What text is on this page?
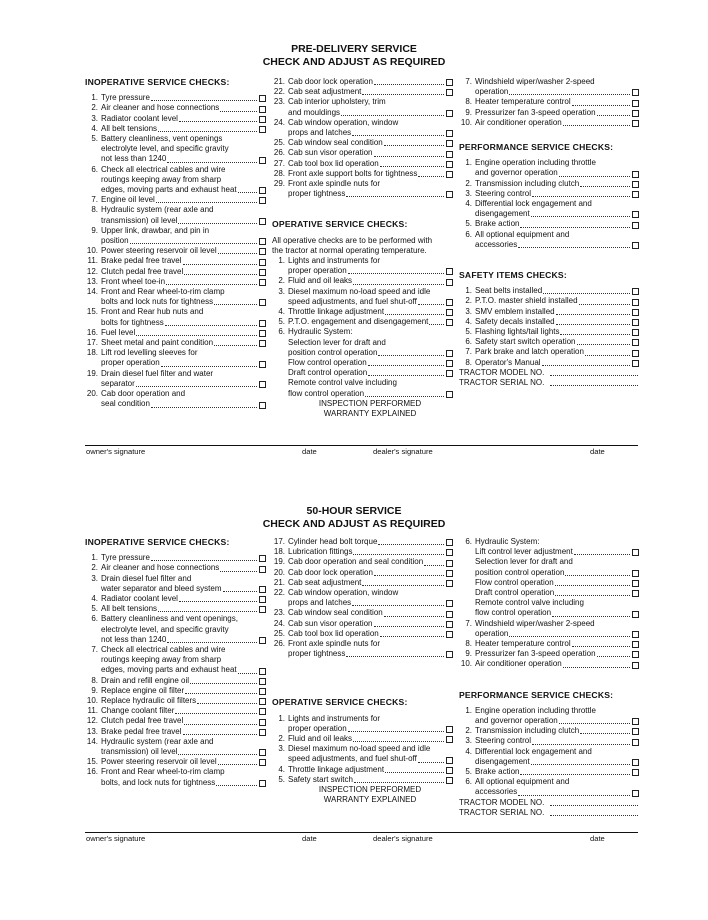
PRE-DELIVERY SERVICE
CHECK AND ADJUST AS REQUIRED
INOPERATIVE SERVICE CHECKS:
1. Tyre pressure
2. Air cleaner and hose connections
3. Radiator coolant level
4. All belt tensions
5. Battery cleanliness, vent openings
electrolyte level, and specific gravity
not less than 1240
6. Check all electrical cables and wire
routings keeping away from sharp
edges, moving parts and exhaust heat
7. Engine oil level
8. Hydraulic system (rear axle and
transmission) oil level
9. Upper link, drawbar, and pin in
position
10. Power steering reservoir oil level
11. Brake pedal free travel
12. Clutch pedal free travel
13. Front wheel toe-in
14. Front and Rear wheel-to-rim clamp
bolts and lock nuts for tightness
15. Front and Rear hub nuts and
bolts for tightness
16. Fuel level
17. Sheet metal and paint condition
18. Lift rod levelling sleeves for
proper operation
19. Drain diesel fuel filter and water
separator
20. Cab door operation and
seal condition
21. Cab door lock operation
22. Cab seat adjustment
23. Cab interior upholstery, trim
and mouldings
24. Cab window operation, window
props and latches
25. Cab window seal condition
26. Cab sun visor operation
27. Cab tool box lid operation
28. Front axle support bolts for tightness
29. Front axle spindle nuts for
proper tightness
OPERATIVE SERVICE CHECKS:
All operative checks are to be performed with
the tractor at normal operating temperature.
1. Lights and instruments for
proper operation
2. Fluid and oil leaks
3. Diesel maximum no-load speed and idle
speed adjustments, and fuel shut-off
4. Throttle linkage adjustment
5. P.T.O. engagement and disengagement
6. Hydraulic System:
Selection lever for draft and
position control operation
Flow control operation
Draft control operation
Remote control valve including
flow control operation
INSPECTION PERFORMED
WARRANTY EXPLAINED
7. Windshield wiper/washer 2-speed
operation
8. Heater temperature control
9. Pressurizer fan 3-speed operation
10. Air conditioner operation
PERFORMANCE SERVICE CHECKS:
1. Engine operation including throttle
and governor operation
2. Transmission including clutch
3. Steering control
4. Differential lock engagement and
disengagement
5. Brake action
6. All optional equipment and
accessories
SAFETY ITEMS CHECKS:
1. Seat belts installed
2. P.T.O. master shield installed
3. SMV emblem installed
4. Safety decals installed
5. Flashing lights/tail lights
6. Safety start switch operation
7. Park brake and latch operation
8. Operator's Manual
TRACTOR MODEL NO.
TRACTOR SERIAL NO.
owner's signature	date	dealer's signature	date
50-HOUR SERVICE
CHECK AND ADJUST AS REQUIRED
INOPERATIVE SERVICE CHECKS:
1. Tyre pressure
2. Air cleaner and hose connections
3. Drain diesel fuel filter and
water separator and bleed system
4. Radiator coolant level
5. All belt tensions
6. Battery cleanliness and vent openings,
electrolyte level, and specific gravity
not less than 1240
7. Check all electrical cables and wire
routings keeping away from sharp
edges, moving parts and exhaust heat
8. Drain and refill engine oil
9. Replace engine oil filter
10. Replace hydraulic oil filters
11. Change coolant filter
12. Clutch pedal free travel
13. Brake pedal free travel
14. Hydraulic system (rear axle and
transmission) oil level
15. Power steering reservoir oil level
16. Front and Rear wheel-to-rim clamp
bolts, and lock nuts for tightness
17. Cylinder head bolt torque
18. Lubrication fittings
19. Cab door operation and seal condition
20. Cab door lock operation
21. Cab seat adjustment
22. Cab window operation, window
props and latches
23. Cab window seal condition
24. Cab sun visor operation
25. Cab tool box lid operation
26. Front axle spindle nuts for
proper tightness
OPERATIVE SERVICE CHECKS:
1. Lights and instruments for
proper operation
2. Fluid and oil leaks
3. Diesel maximum no-load speed and idle
speed adjustments, and fuel shut-off
4. Throttle linkage adjustment
5. Safety start switch
INSPECTION PERFORMED
WARRANTY EXPLAINED
6. Hydraulic System:
Lift control lever adjustment
Selection lever for draft and
position control operation
Flow control operation
Draft control operation
Remote control valve including
flow control operation
7. Windshield wiper/washer 2-speed
operation
8. Heater temperature control
9. Pressurizer fan 3-speed operation
10. Air conditioner operation
PERFORMANCE SERVICE CHECKS:
1. Engine operation including throttle
and governor operation
2. Transmission including clutch
3. Steering control
4. Differential lock engagement and
disengagement
5. Brake action
6. All optional equipment and
accessories
TRACTOR MODEL NO.
TRACTOR SERIAL NO.
owner's signature	date	dealer's signature	date
